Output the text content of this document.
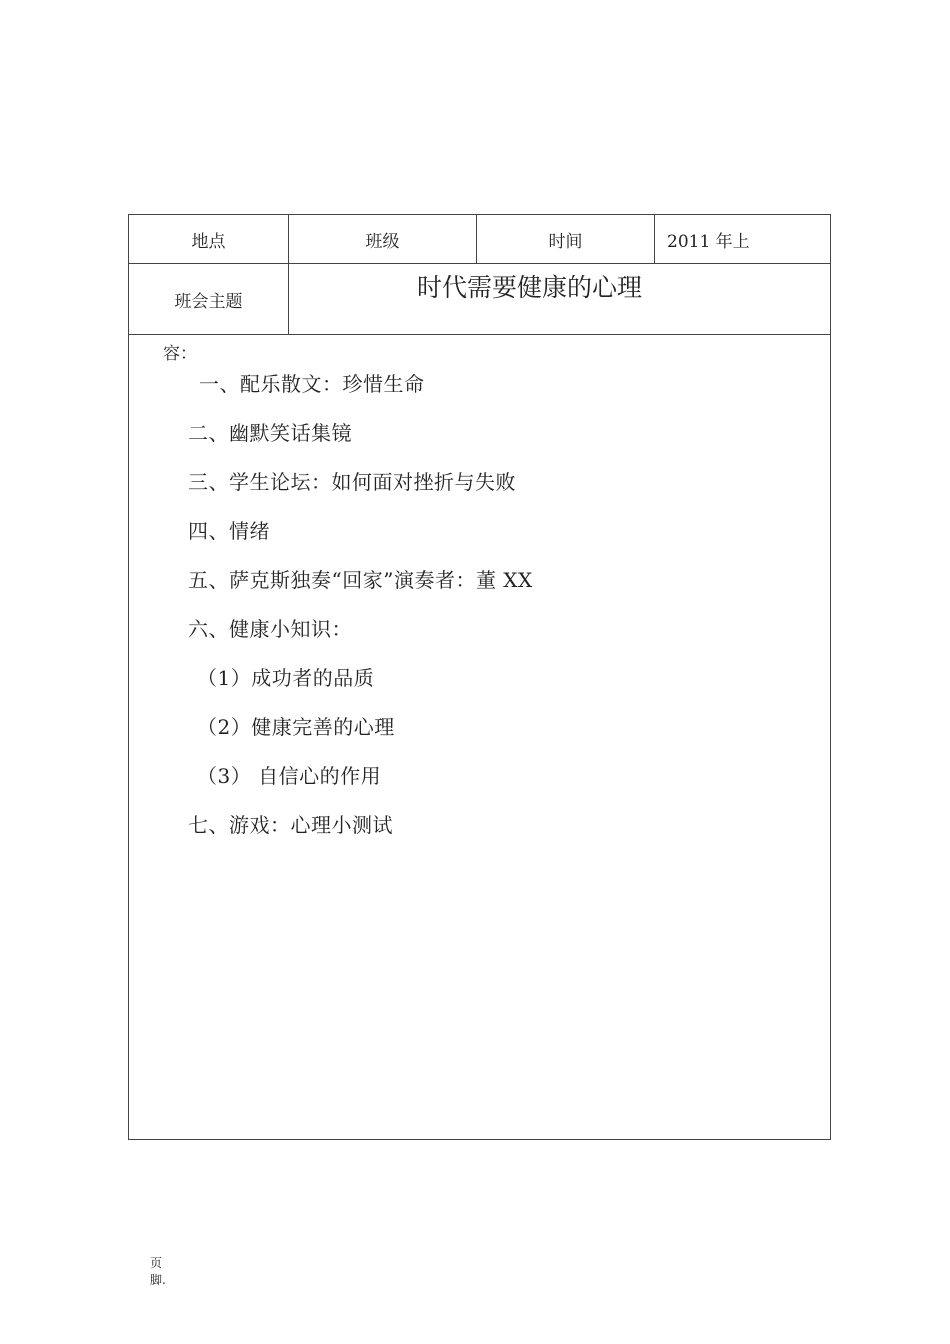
地点	班级	时间	2011 年上
班会主题	时代需要健康的心理
容：
一、配乐散文：珍惜生命
二、幽默笑话集镜
三、学生论坛：如何面对挫折与失败
四、情绪
五、萨克斯独奏“回家”演奏者：董 XX
六、健康小知识：
（1）成功者的品质
（2）健康完善的心理
（3） 自信心的作用
七、游戏：心理小测试
页
脚.
